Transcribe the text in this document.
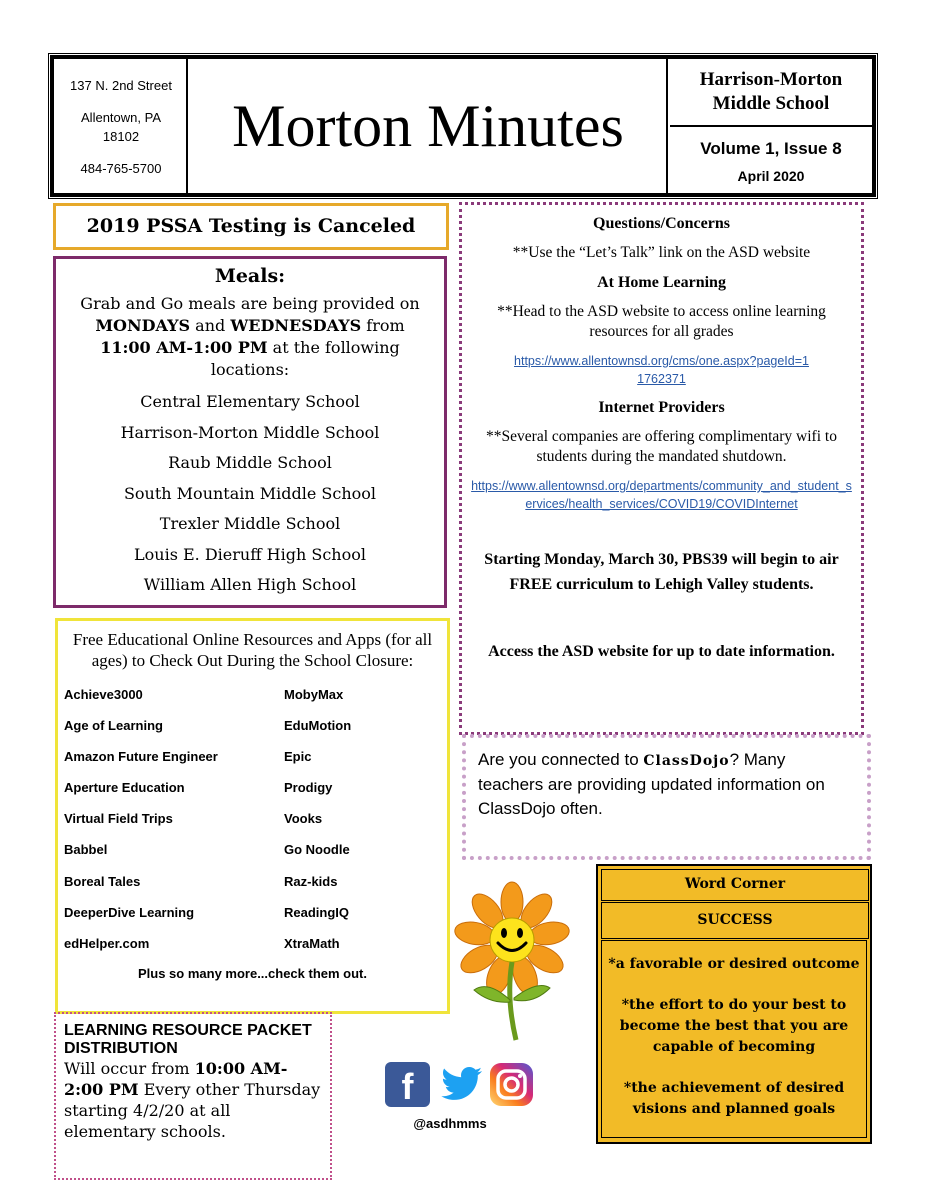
137 N. 2nd Street
Allentown, PA
18102
484-765-5700
Morton Minutes
Harrison-Morton
Middle School
Volume 1, Issue 8
April 2020
2019 PSSA Testing is Canceled
Meals:
Grab and Go meals are being provided on MONDAYS and WEDNESDAYS from 11:00 AM-1:00 PM at the following locations:
Central Elementary School
Harrison-Morton Middle School
Raub Middle School
South Mountain Middle School
Trexler Middle School
Louis E. Dieruff High School
William Allen High School
Free Educational Online Resources and Apps (for all ages) to Check Out During the School Closure:
Achieve3000
Age of Learning
Amazon Future Engineer
Aperture Education
Virtual Field Trips
Babbel
Boreal Tales
DeeperDive Learning
edHelper.com
MobyMax
EduMotion
Epic
Prodigy
Vooks
Go Noodle
Raz-kids
ReadingIQ
XtraMath
Plus so many more...check them out.
LEARNING RESOURCE PACKET DISTRIBUTION
Will occur from 10:00 AM-2:00 PM Every other Thursday starting 4/2/20 at all elementary schools.
Questions/Concerns
**Use the “Let’s Talk” link on the ASD website
At Home Learning
**Head to the ASD website to access online learning resources for all grades
https://www.allentownsd.org/cms/one.aspx?pageId=11762371
Internet Providers
**Several companies are offering complimentary wifi to students during the mandated shutdown.
https://www.allentownsd.org/departments/community_and_student_services/health_services/COVID19/COVIDInternet
Starting Monday, March 30, PBS39 will begin to air FREE curriculum to Lehigh Valley students.
Access the ASD website for up to date information.
Are you connected to ClassDojo? Many teachers are providing updated information on ClassDojo often.
f
@asdhmms
Word Corner
SUCCESS

*a favorable or desired outcome

*the effort to do your best to become the best that you are capable of becoming

*the achievement of desired visions and planned goals
